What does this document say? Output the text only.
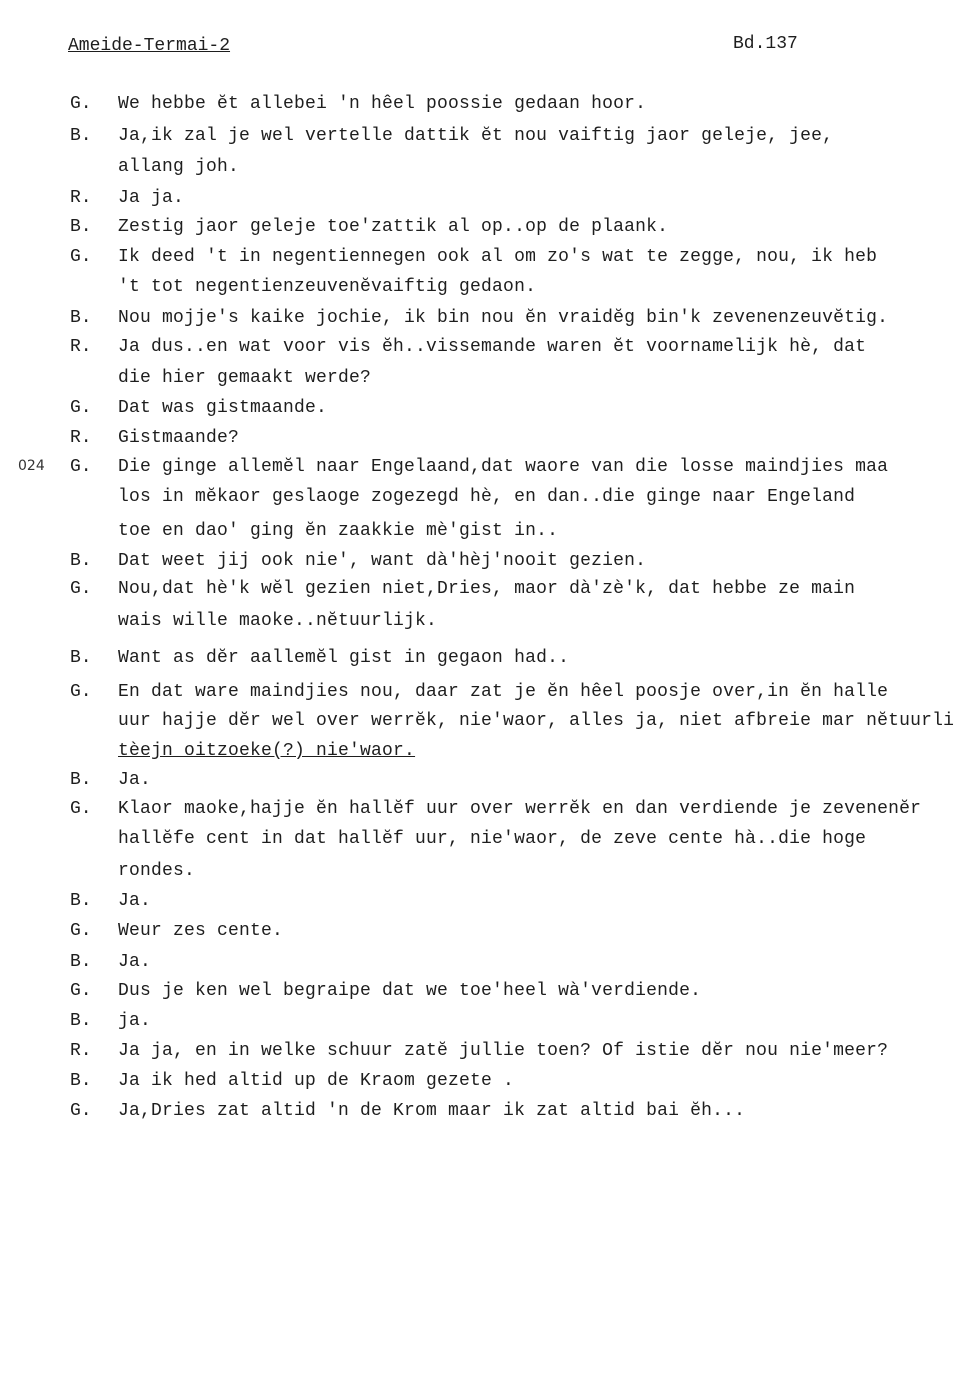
Ameide-Termai-2	Bd.137
024
G. We hebbe ĕt allebei 'n hêel poossie gedaan hoor.
B. Ja,ik zal je wel vertelle dattik ĕt nou vaiftig jaor geleje, jee,
allang joh.
R. Ja ja.
B. Zestig jaor geleje toe'zattik al op..op de plaank.
G. Ik deed 't in negentiennegen ook al om zo's wat te zegge, nou, ik heb
't tot negentienzeuvenĕvaiftig gedaon.
B. Nou mojje's kaike jochie, ik bin nou ĕn vraidĕg bin'k zevenenzeuvĕtig.
R. Ja dus..en wat voor vis ĕh..vissemande waren ĕt voornamelijk hè, dat
die hier gemaakt werde?
G. Dat was gistmaande.
R. Gistmaande?
G. Die ginge allemĕl naar Engelaand,dat waore van die losse maindjies maa
los in mĕkaor geslaoge zogezegd hè, en dan..die ginge naar Engeland
toe en dao' ging ĕn zaakkie mè'gist in..
B. Dat weet jij ook nie', want dà'hèj'nooit gezien.
G. Nou,dat hè'k wĕl gezien niet,Dries, maor dà'zè'k, dat hebbe ze main
wais wille maoke..nĕtuurlijk.
B. Want as dĕr aallemĕl gist in gegaon had..
G. En dat ware maindjies nou, daar zat je ĕn hêel poosje over,in ĕn halle
uur hajje dĕr wel over werrĕk, nie'waor, alles ja, niet afbreie mar nĕtuurli
tèejn oitzoeke(?) nie'waor.
B. Ja.
G. Klaor maoke,hajje ĕn hallĕf uur over werrĕk en dan verdiende je zevenenĕr
hallĕfe cent in dat hallĕf uur, nie'waor, de zeve cente hà..die hoge
rondes.
B. Ja.
G. Weur zes cente.
B. Ja.
G. Dus je ken wel begraipe dat we toe'heel wà'verdiende.
B. ja.
R. Ja ja, en in welke schuur zatĕ jullie toen? Of istie dĕr nou nie'meer?
B. Ja ik hed altid up de Kraom gezete .
G. Ja,Dries zat altid 'n de Krom maar ik zat altid bai ĕh...
